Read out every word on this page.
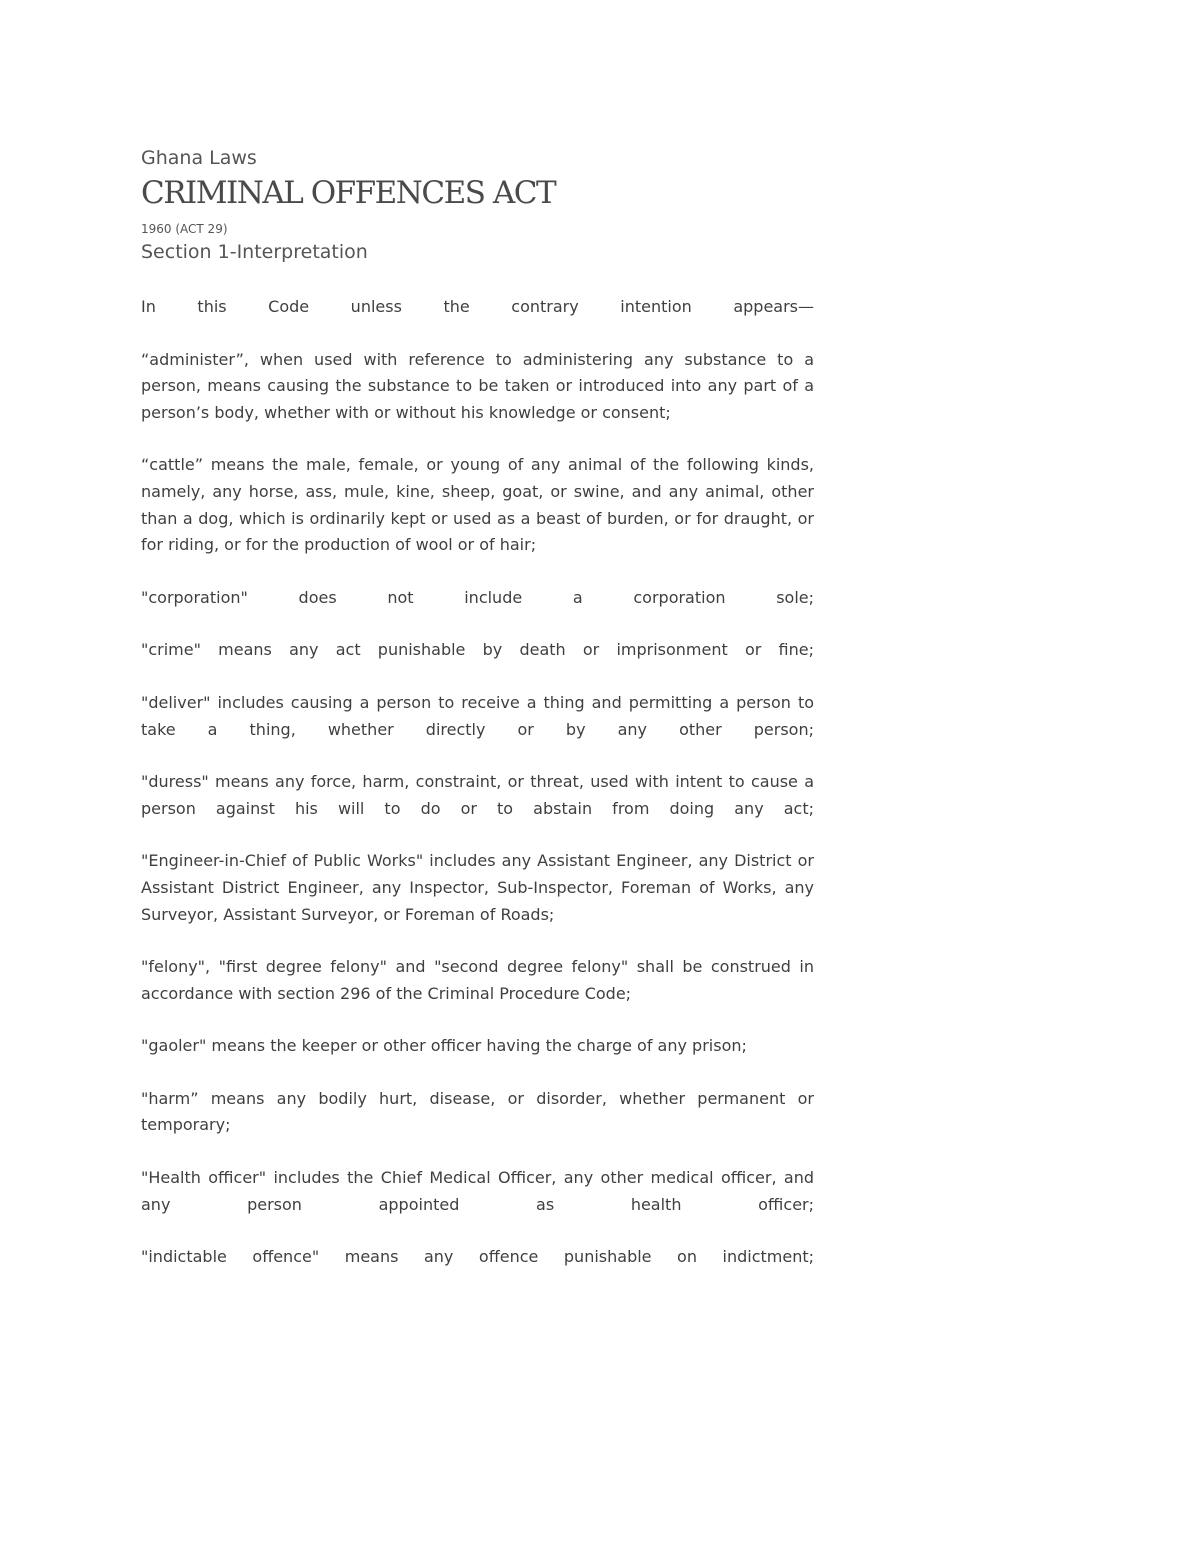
Ghana Laws
CRIMINAL OFFENCES ACT
1960 (ACT 29)
Section 1-Interpretation

In this Code unless the contrary intention appears—

“administer”, when used with reference to administering any substance to a person, means causing the substance to be taken or introduced into any part of a person’s body, whether with or without his knowledge or consent;

“cattle” means the male, female, or young of any animal of the following kinds, namely, any horse, ass, mule, kine, sheep, goat, or swine, and any animal, other than a dog, which is ordinarily kept or used as a beast of burden, or for draught, or for riding, or for the production of wool or of hair;

"corporation" does not include a corporation sole;

"crime" means any act punishable by death or imprisonment or fine;

"deliver" includes causing a person to receive a thing and permitting a person to take a thing, whether directly or by any other person;

"duress" means any force, harm, constraint, or threat, used with intent to cause a person against his will to do or to abstain from doing any act;

"Engineer-in-Chief of Public Works" includes any Assistant Engineer, any District or Assistant District Engineer, any Inspector, Sub-Inspector, Foreman of Works, any Surveyor, Assistant Surveyor, or Foreman of Roads;

"felony", "first degree felony" and "second degree felony" shall be construed in accordance with section 296 of the Criminal Procedure Code;

"gaoler" means the keeper or other officer having the charge of any prison;

"harm” means any bodily hurt, disease, or disorder, whether permanent or temporary;

"Health officer" includes the Chief Medical Officer, any other medical officer, and any person appointed as health officer;

"indictable offence" means any offence punishable on indictment;
